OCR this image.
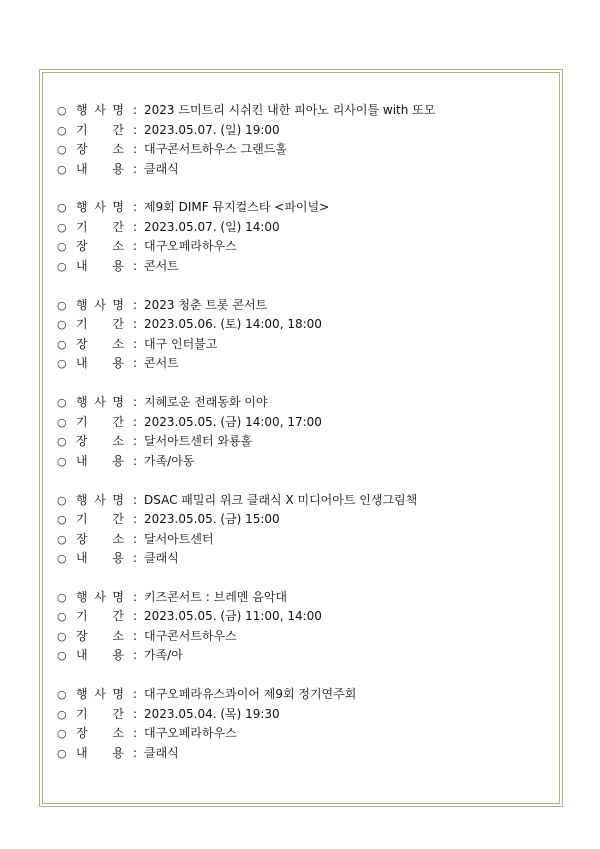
○ 행 사 명 : 2023 드미트리 시쉬킨 내한 피아노 리사이틀 with 또모
○ 기 간 : 2023.05.07. (일) 19:00
○ 장 소 : 대구콘서트하우스 그랜드홀
○ 내 용 : 클래식
○ 행 사 명 : 제9회 DIMF 뮤지컬스타 <파이널>
○ 기 간 : 2023.05.07. (일) 14:00
○ 장 소 : 대구오페라하우스
○ 내 용 : 콘서트
○ 행 사 명 : 2023 청춘 트롯 콘서트
○ 기 간 : 2023.05.06. (토) 14:00, 18:00
○ 장 소 : 대구 인터불고
○ 내 용 : 콘서트
○ 행 사 명 : 지혜로운 전래동화 이야
○ 기 간 : 2023.05.05. (금) 14:00, 17:00
○ 장 소 : 달서아트센터 와룡홀
○ 내 용 : 가족/아동
○ 행 사 명 : DSAC 패밀리 위크 클래식 X 미디어아트 인생그림책
○ 기 간 : 2023.05.05. (금) 15:00
○ 장 소 : 달서아트센터
○ 내 용 : 클래식
○ 행 사 명 : 키즈콘서트 : 브레멘 음악대
○ 기 간 : 2023.05.05. (금) 11:00, 14:00
○ 장 소 : 대구콘서트하우스
○ 내 용 : 가족/아
○ 행 사 명 : 대구오페라유스콰이어 제9회 정기연주회
○ 기 간 : 2023.05.04. (목) 19:30
○ 장 소 : 대구오페라하우스
○ 내 용 : 클래식
